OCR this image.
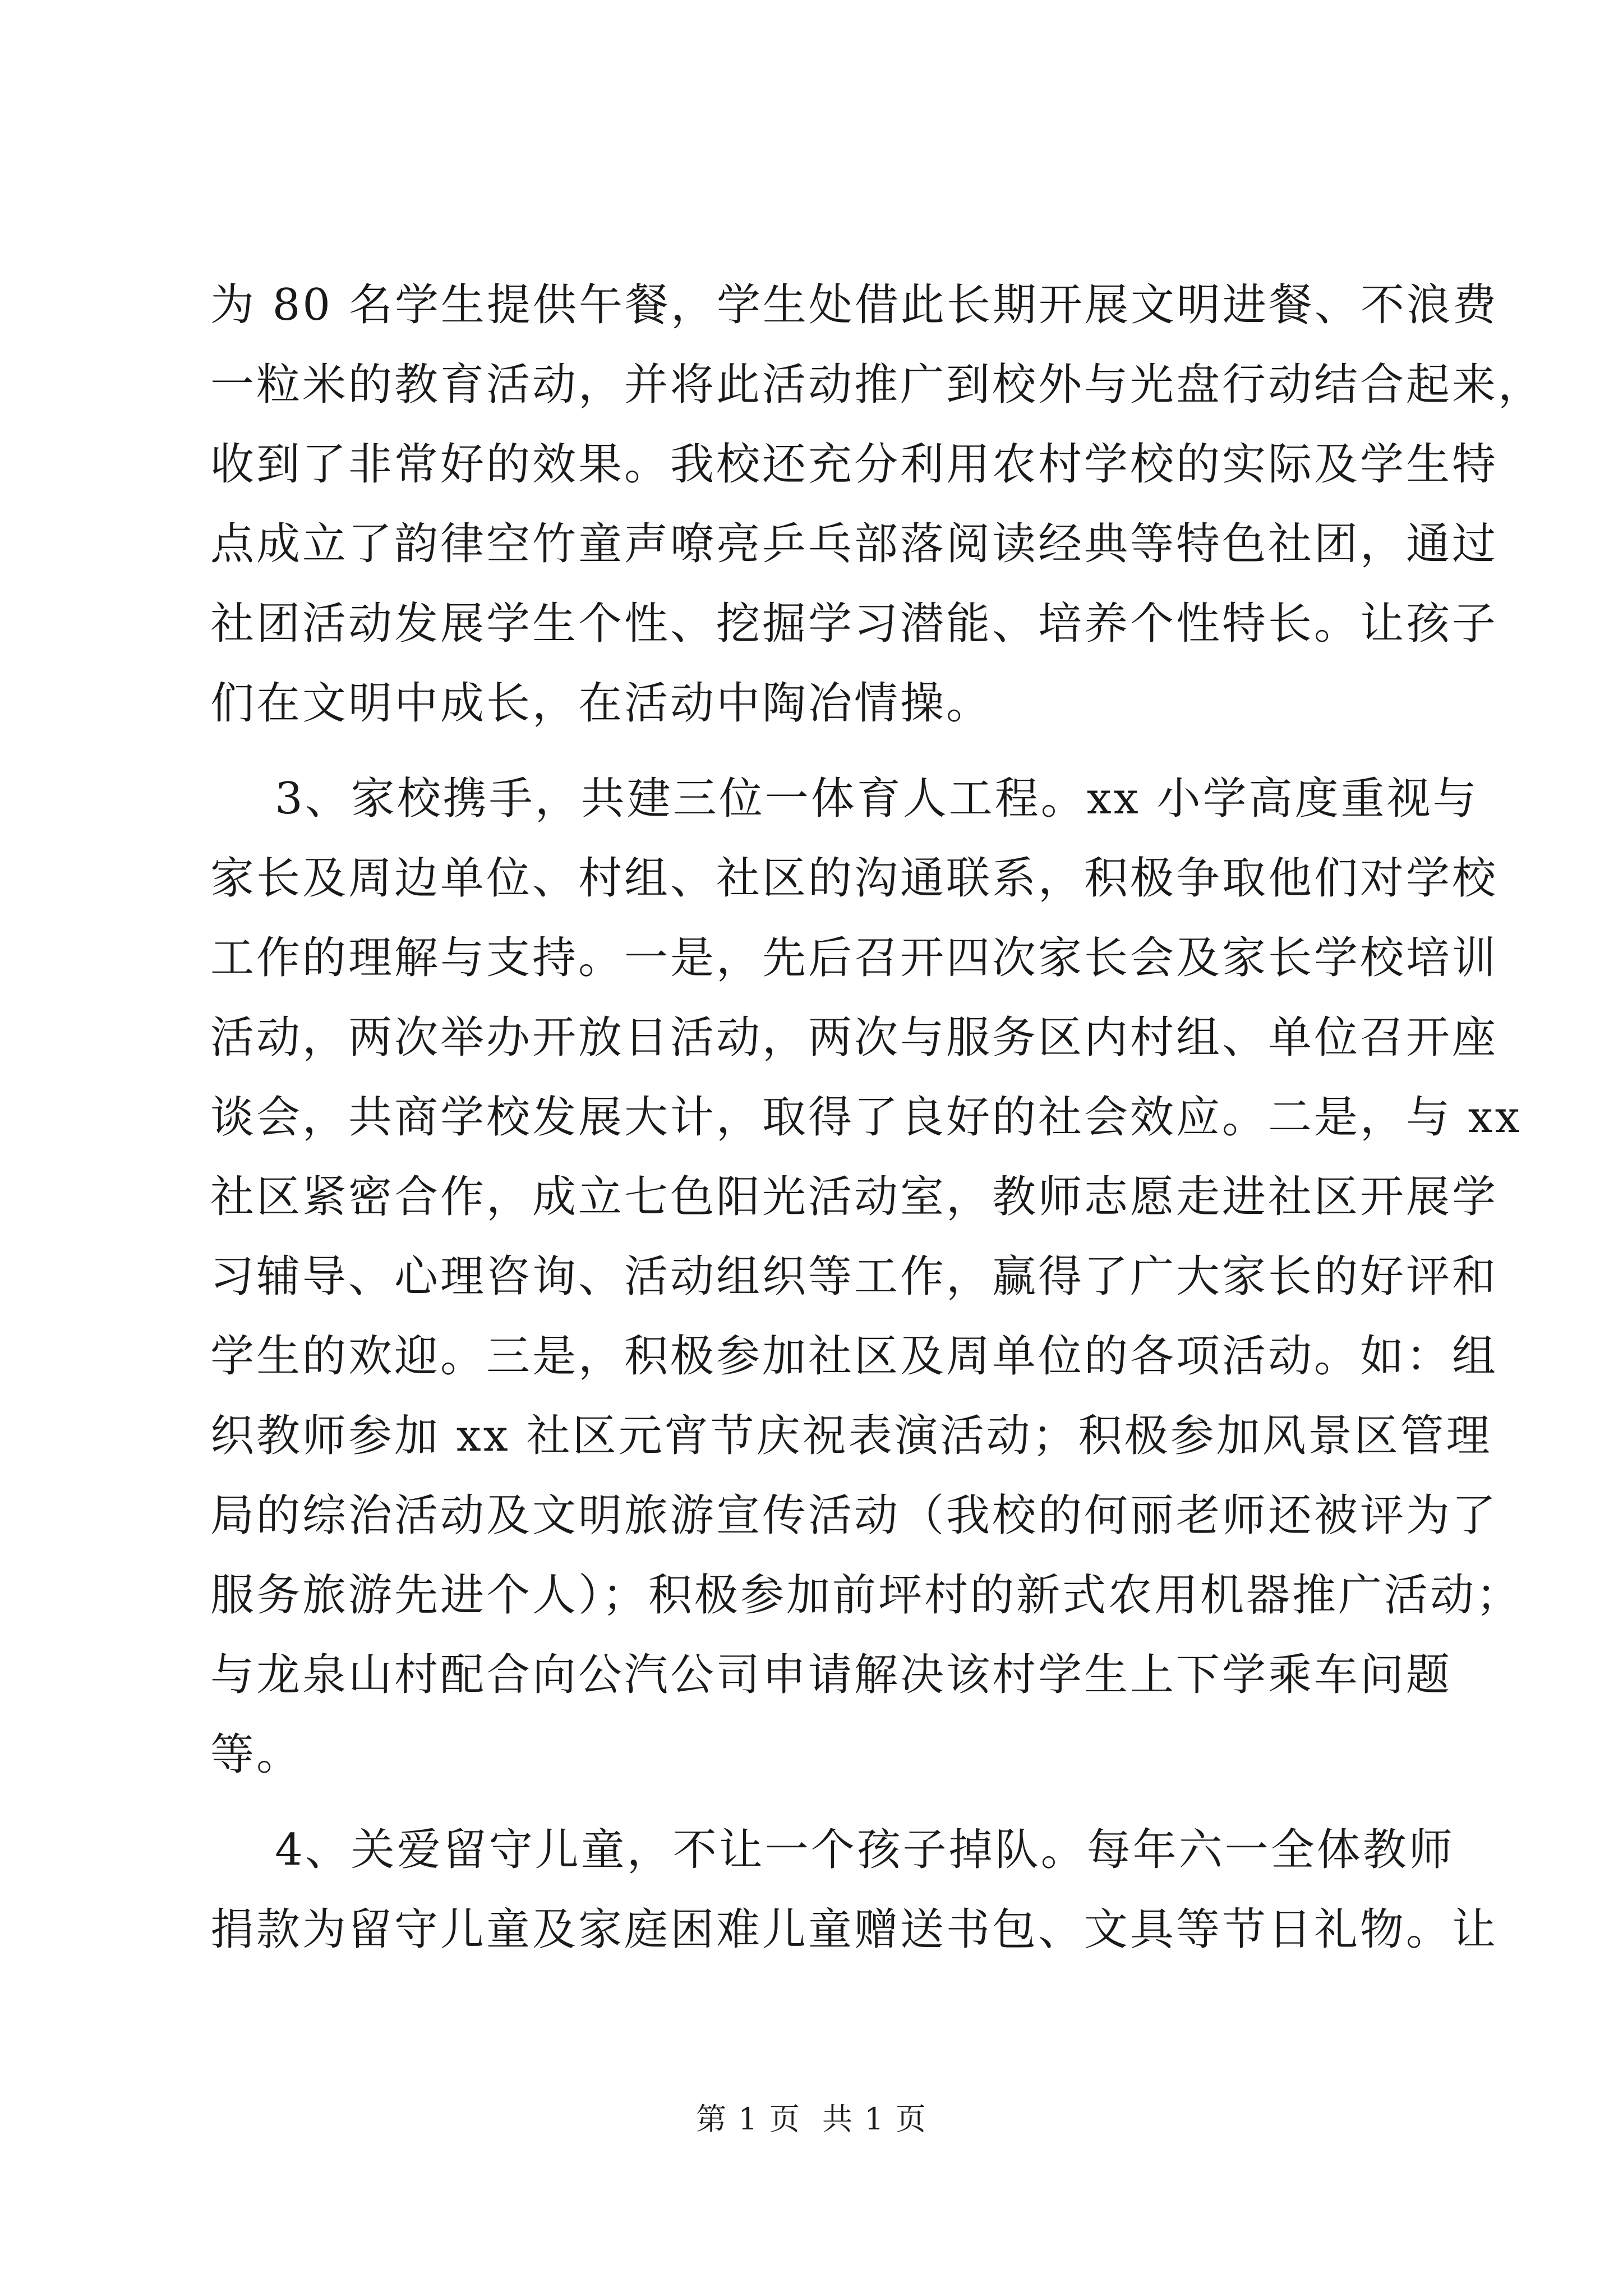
为 80 名学生提供午餐，学生处借此长期开展文明进餐、不浪费
一粒米的教育活动，并将此活动推广到校外与光盘行动结合起来，
收到了非常好的效果。我校还充分利用农村学校的实际及学生特
点成立了韵律空竹童声嘹亮乒乓部落阅读经典等特色社团，通过
社团活动发展学生个性、挖掘学习潜能、培养个性特长。让孩子
们在文明中成长，在活动中陶冶情操。
3、家校携手，共建三位一体育人工程。xx 小学高度重视与
家长及周边单位、村组、社区的沟通联系，积极争取他们对学校
工作的理解与支持。一是，先后召开四次家长会及家长学校培训
活动，两次举办开放日活动，两次与服务区内村组、单位召开座
谈会，共商学校发展大计，取得了良好的社会效应。二是，与 xx
社区紧密合作，成立七色阳光活动室，教师志愿走进社区开展学
习辅导、心理咨询、活动组织等工作，赢得了广大家长的好评和
学生的欢迎。三是，积极参加社区及周单位的各项活动。如：组
织教师参加 xx 社区元宵节庆祝表演活动；积极参加风景区管理
局的综治活动及文明旅游宣传活动（我校的何丽老师还被评为了
服务旅游先进个人）；积极参加前坪村的新式农用机器推广活动；
与龙泉山村配合向公汽公司申请解决该村学生上下学乘车问题
等。
4、关爱留守儿童，不让一个孩子掉队。每年六一全体教师
捐款为留守儿童及家庭困难儿童赠送书包、文具等节日礼物。让
第 1 页  共 1 页
